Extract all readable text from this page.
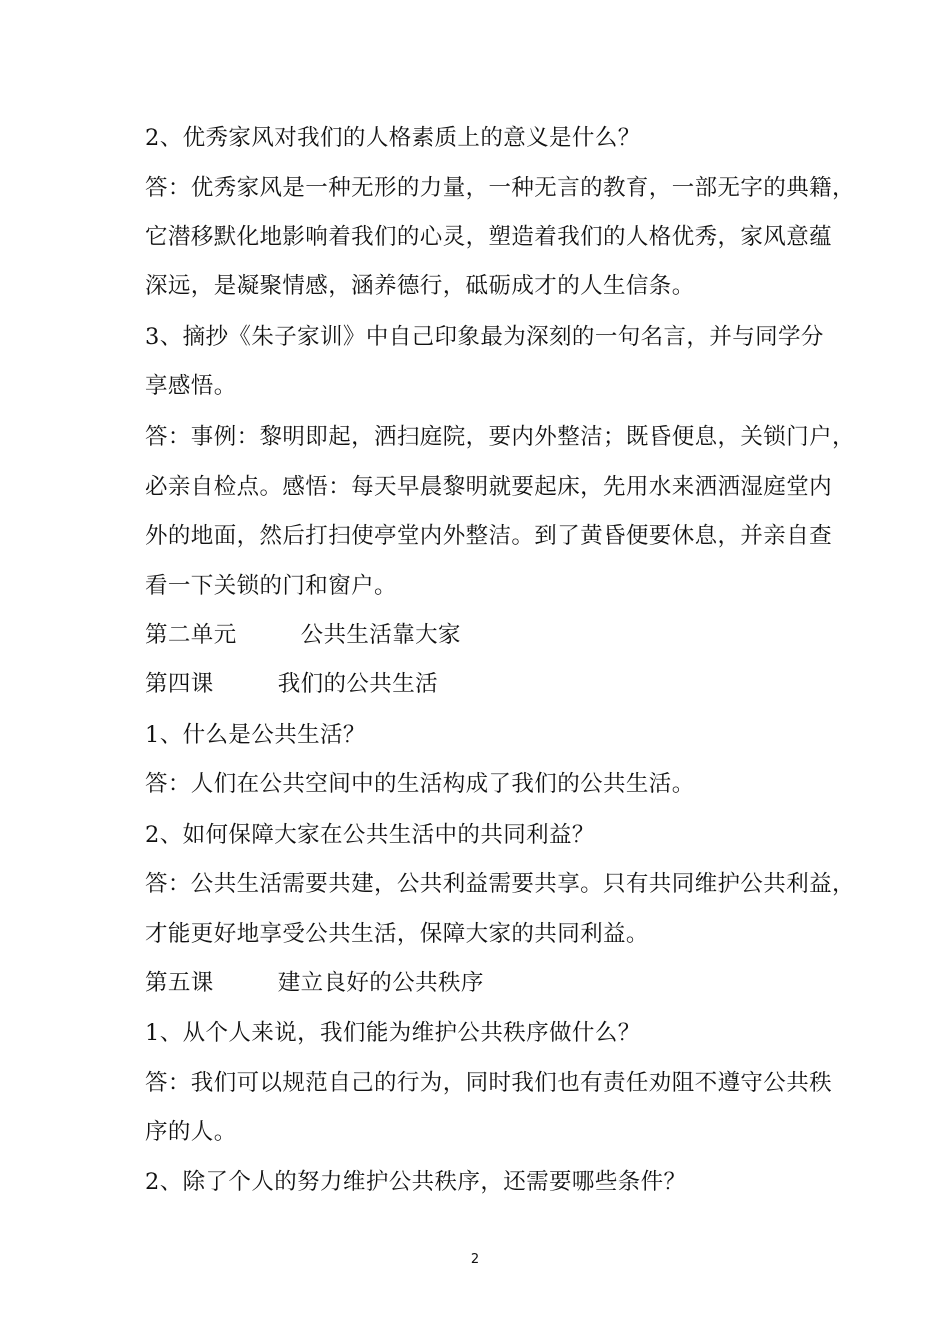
2、优秀家风对我们的人格素质上的意义是什么？
答：优秀家风是一种无形的力量，一种无言的教育，一部无字的典籍，
它潜移默化地影响着我们的心灵，塑造着我们的人格优秀，家风意蕴
深远，是凝聚情感，涵养德行，砥砺成才的人生信条。
3、摘抄《朱子家训》中自己印象最为深刻的一句名言，并与同学分
享感悟。
答：事例：黎明即起，洒扫庭院，要内外整洁；既昏便息，关锁门户，
必亲自检点。感悟：每天早晨黎明就要起床，先用水来洒洒湿庭堂内
外的地面，然后打扫使亭堂内外整洁。到了黄昏便要休息，并亲自查
看一下关锁的门和窗户。
第二单元	公共生活靠大家
第四课	我们的公共生活
1、什么是公共生活？
答：人们在公共空间中的生活构成了我们的公共生活。
2、如何保障大家在公共生活中的共同利益？
答：公共生活需要共建，公共利益需要共享。只有共同维护公共利益，
才能更好地享受公共生活，保障大家的共同利益。
第五课	建立良好的公共秩序
1、从个人来说，我们能为维护公共秩序做什么？
答：我们可以规范自己的行为，同时我们也有责任劝阻不遵守公共秩
序的人。
2、除了个人的努力维护公共秩序，还需要哪些条件？
2
